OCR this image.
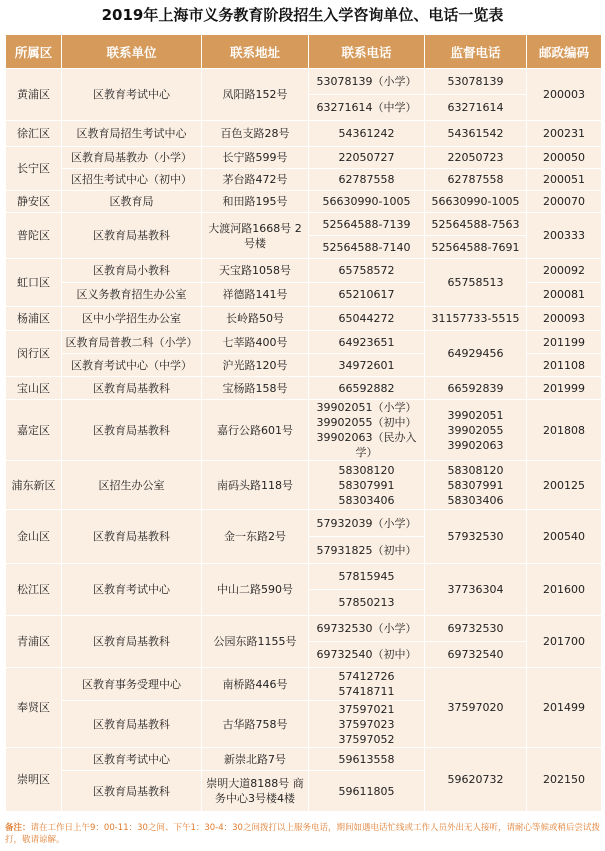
2019年上海市义务教育阶段招生入学咨询单位、电话一览表
所属区	联系单位	联系地址	联系电话	监督电话	邮政编码
黄浦区	区教育考试中心	凤阳路152号	53078139（小学）	53078139	200003
			63271614（中学）	63271614	
徐汇区	区教育局招生考试中心	百色支路28号	54361242	54361542	200231
长宁区	区教育局基教办（小学）	长宁路599号	22050727	22050723	200050
	区招生考试中心（初中）	茅台路472号	62787558	62787558	200051
静安区	区教育局	和田路195号	56630990-1005	56630990-1005	200070
普陀区	区教育局基教科	大渡河路1668号 2号楼	52564588-7139	52564588-7563	200333
			52564588-7140	52564588-7691	
虹口区	区教育局小教科	天宝路1058号	65758572	65758513	200092
	区义务教育招生办公室	祥德路141号	65210617		200081
杨浦区	区中小学招生办公室	长岭路50号	65044272	31157733-5515	200093
闵行区	区教育局普教二科（小学）	七莘路400号	64923651	64929456	201199
	区教育考试中心（中学）	沪光路120号	34972601		201108
宝山区	区教育局基教科	宝杨路158号	66592882	66592839	201999
嘉定区	区教育局基教科	嘉行公路601号	39902051（小学）
39902055（初中）
39902063（民办入学）	39902051
39902055
39902063	201808
浦东新区	区招生办公室	南码头路118号	58308120
58307991
58303406	58308120
58307991
58303406	200125
金山区	区教育局基教科	金一东路2号	57932039（小学）	57932530	200540
			57931825（初中）		
松江区	区教育考试中心	中山二路590号	57815945	37736304	201600
			57850213		
青浦区	区教育局基教科	公园东路1155号	69732530（小学）	69732530	201700
			69732540（初中）	69732540	
奉贤区	区教育事务受理中心	南桥路446号	57412726
57418711	37597020	201499
	区教育局基教科	古华路758号	37597021
37597023
37597052		

崇明区	区教育考试中心	新崇北路7号	59613558	59620732	202150
	区教育局基教科	崇明大道8188号 商务中心3号楼4楼	59611805		
备注：请在工作日上午9：00-11：30之间、下午1：30-4：30之间拨打以上服务电话，期间如遇电话忙线或工作人员外出无人接听，请耐心等候或稍后尝试拨打，敬请谅解。
